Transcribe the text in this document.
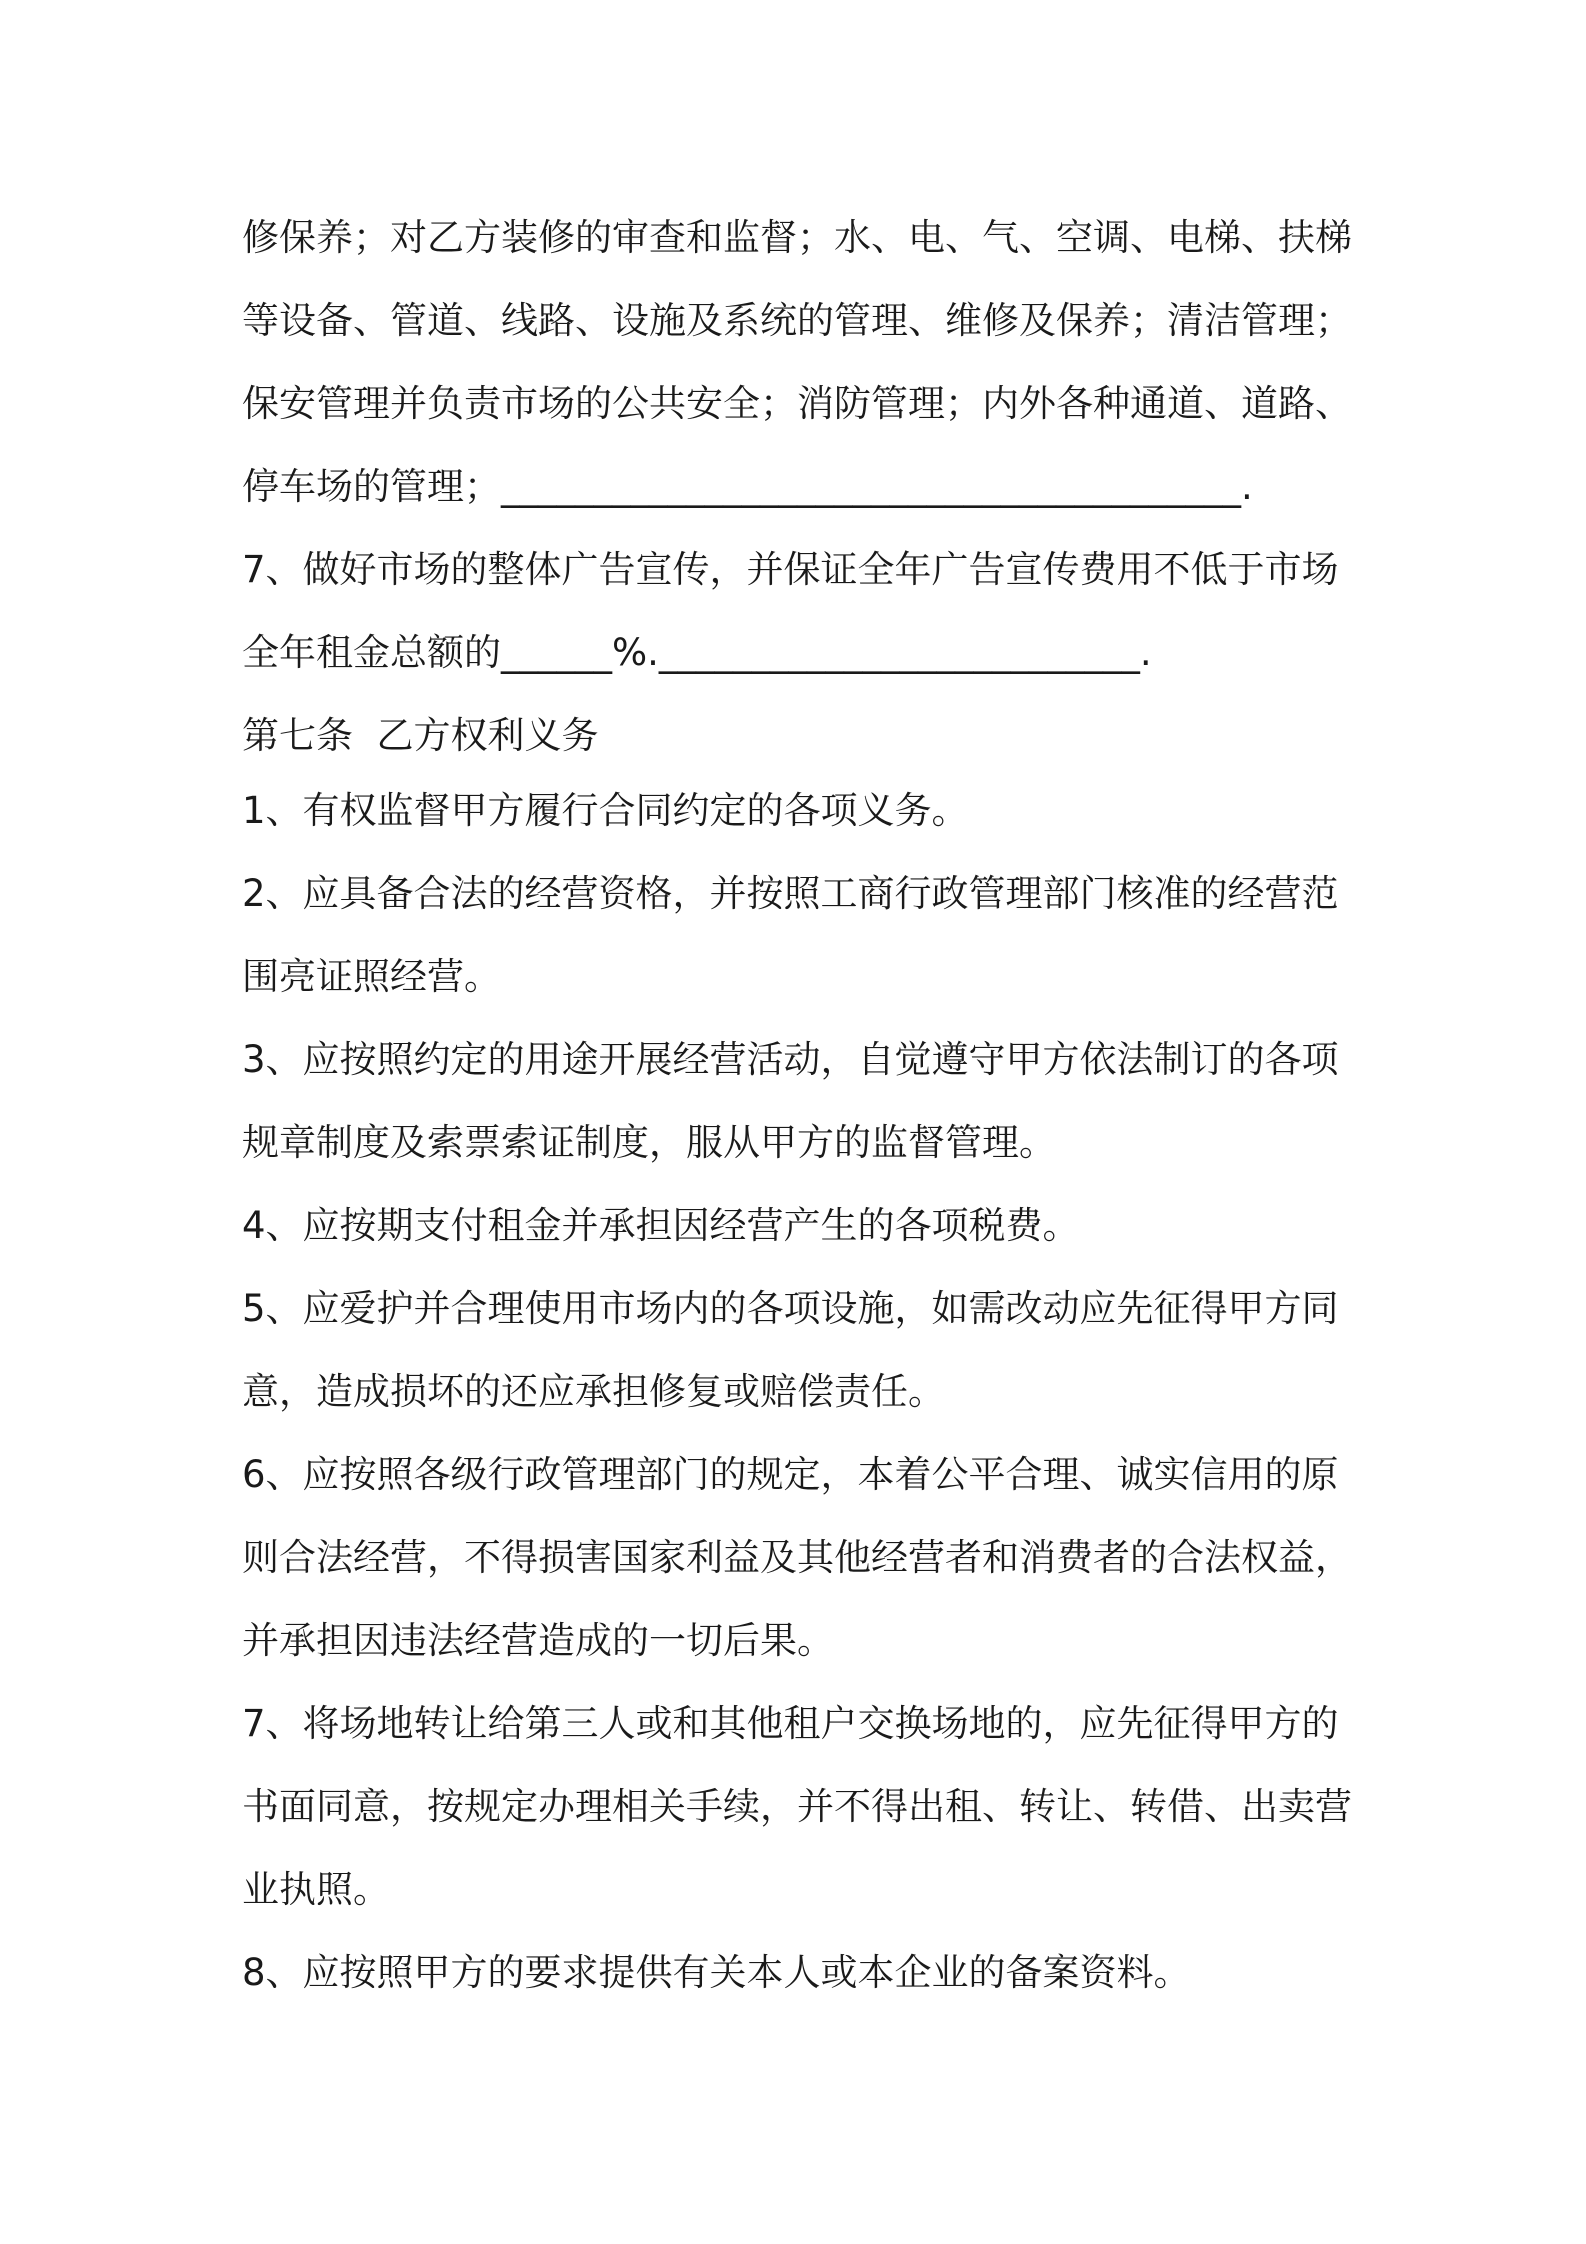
修保养；对乙方装修的审查和监督；水、电、气、空调、电梯、扶梯
等设备、管道、线路、设施及系统的管理、维修及保养；清洁管理；
保安管理并负责市场的公共安全；消防管理；内外各种通道、道路、
停车场的管理；________________________________________.
7、做好市场的整体广告宣传，并保证全年广告宣传费用不低于市场
全年租金总额的______%.__________________________.
第七条  乙方权利义务
1、有权监督甲方履行合同约定的各项义务。
2、应具备合法的经营资格，并按照工商行政管理部门核准的经营范
围亮证照经营。
3、应按照约定的用途开展经营活动，自觉遵守甲方依法制订的各项
规章制度及索票索证制度，服从甲方的监督管理。
4、应按期支付租金并承担因经营产生的各项税费。
5、应爱护并合理使用市场内的各项设施，如需改动应先征得甲方同
意，造成损坏的还应承担修复或赔偿责任。
6、应按照各级行政管理部门的规定，本着公平合理、诚实信用的原
则合法经营，不得损害国家利益及其他经营者和消费者的合法权益，
并承担因违法经营造成的一切后果。
7、将场地转让给第三人或和其他租户交换场地的，应先征得甲方的
书面同意，按规定办理相关手续，并不得出租、转让、转借、出卖营
业执照。
8、应按照甲方的要求提供有关本人或本企业的备案资料。
